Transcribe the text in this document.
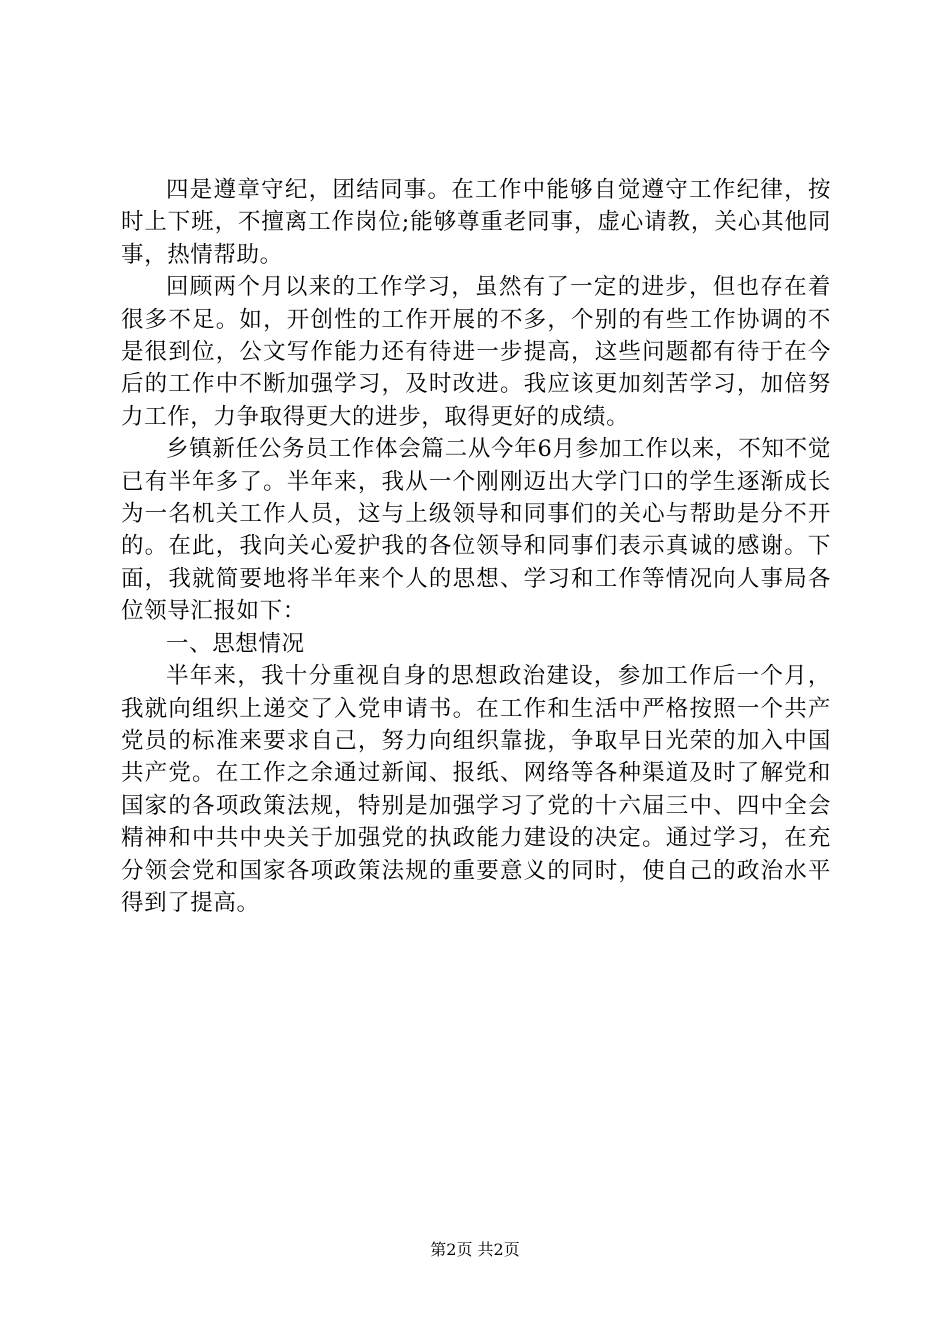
四是遵章守纪，团结同事。在工作中能够自觉遵守工作纪律，按时上下班，不擅离工作岗位;能够尊重老同事，虚心请教，关心其他同事，热情帮助。

回顾两个月以来的工作学习，虽然有了一定的进步，但也存在着很多不足。如，开创性的工作开展的不多，个别的有些工作协调的不是很到位，公文写作能力还有待进一步提高，这些问题都有待于在今后的工作中不断加强学习，及时改进。我应该更加刻苦学习，加倍努力工作，力争取得更大的进步，取得更好的成绩。

乡镇新任公务员工作体会篇二从今年6月参加工作以来，不知不觉已有半年多了。半年来，我从一个刚刚迈出大学门口的学生逐渐成长为一名机关工作人员，这与上级领导和同事们的关心与帮助是分不开的。在此，我向关心爱护我的各位领导和同事们表示真诚的感谢。下面，我就简要地将半年来个人的思想、学习和工作等情况向人事局各位领导汇报如下：

一、思想情况

半年来，我十分重视自身的思想政治建设，参加工作后一个月，我就向组织上递交了入党申请书。在工作和生活中严格按照一个共产党员的标准来要求自己，努力向组织靠拢，争取早日光荣的加入中国共产党。在工作之余通过新闻、报纸、网络等各种渠道及时了解党和国家的各项政策法规，特别是加强学习了党的十六届三中、四中全会精神和中共中央关于加强党的执政能力建设的决定。通过学习，在充分领会党和国家各项政策法规的重要意义的同时，使自己的政治水平得到了提高。

第2页 共2页
